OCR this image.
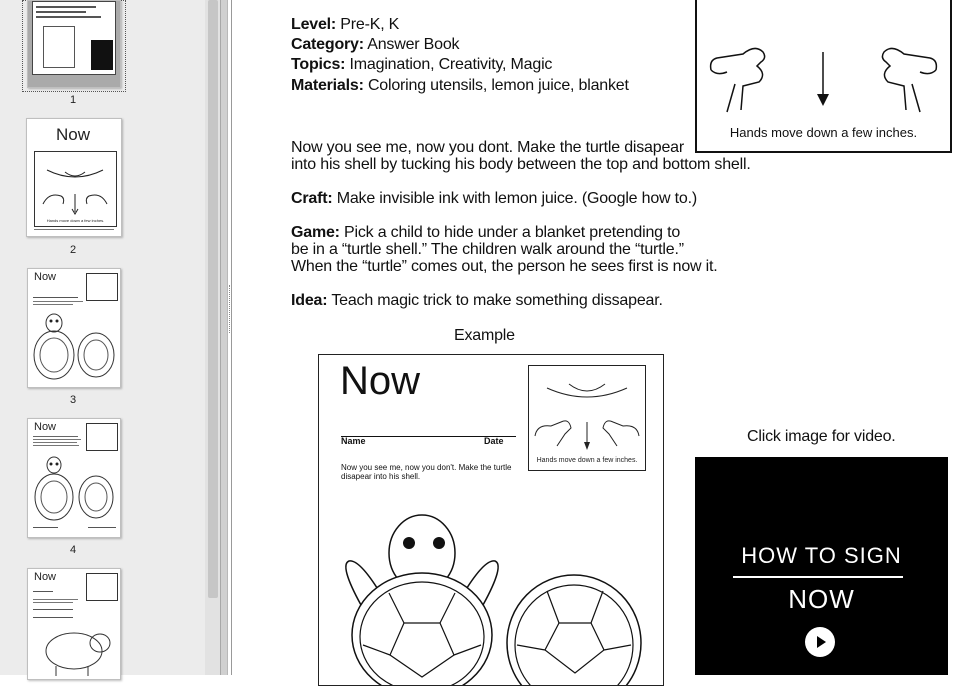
1
Now
Hands move down a few inches.
2
Now
3
Now
4
Now
Level: Pre-K, K
Category: Answer Book
Topics: Imagination, Creativity, Magic
Materials: Coloring utensils, lemon juice, blanket
Hands move down a few inches.
Now you see me, now you dont. Make the turtle disapear
into his shell by tucking his body between the top and bottom shell.
Craft: Make invisible ink with lemon juice. (Google how to.)
Game: Pick a child to hide under a blanket pretending to
be in a “turtle shell.” The children walk around the “turtle.”
When the “turtle” comes out, the person he sees first is now it.
Idea: Teach magic trick to make something dissapear.
Example
Now
Name	Date
Now you see me, now you don't. Make the turtle
disapear into his shell.
Hands move down a few inches.
Click image for video.
HOW TO SIGN
NOW
